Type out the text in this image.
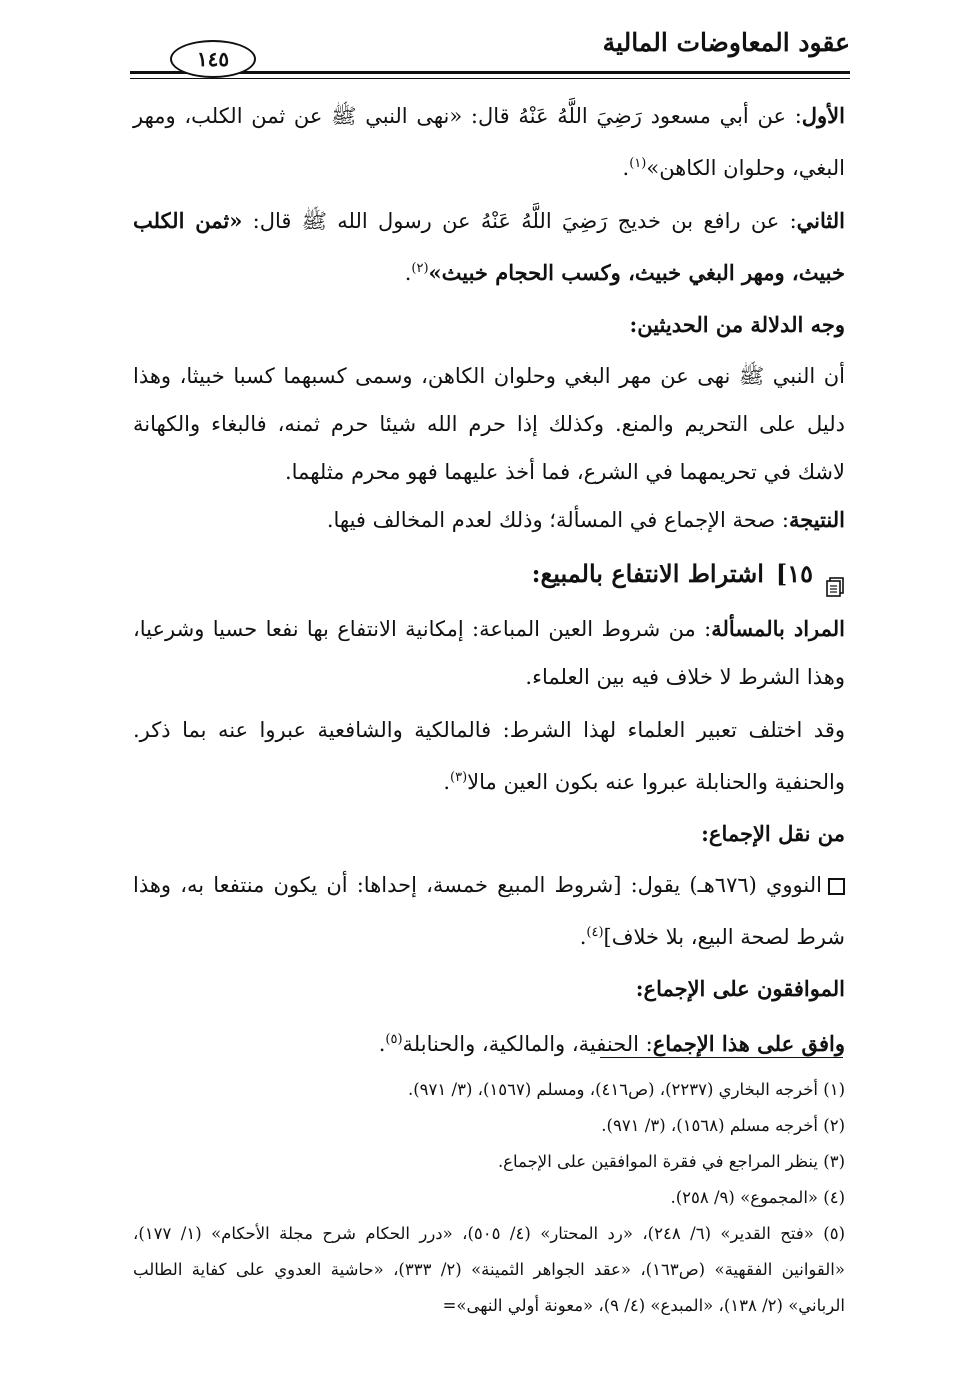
عقود المعاوضات المالية
١٤٥

الأول: عن أبي مسعود رَضِيَ اللَّهُ عَنْهُ قال: «نهى النبي ﷺ عن ثمن الكلب، ومهر البغي، وحلوان الكاهن»$^{(١)}$.

الثاني: عن رافع بن خديج رَضِيَ اللَّهُ عَنْهُ عن رسول الله ﷺ قال: «ثمن الكلب خبيث، ومهر البغي خبيث، وكسب الحجام خبيث»$^{(٢)}$.

وجه الدلالة من الحديثين:

أن النبي ﷺ نهى عن مهر البغي وحلوان الكاهن، وسمى كسبهما كسبا خبيثا، وهذا دليل على التحريم والمنع. وكذلك إذا حرم الله شيئا حرم ثمنه، فالبغاء والكهانة لاشك في تحريمهما في الشرع، فما أخذ عليهما فهو محرم مثلهما.

النتيجة: صحة الإجماع في المسألة؛ وذلك لعدم المخالف فيها.

١٥]
اشتراط الانتفاع بالمبيع:

المراد بالمسألة: من شروط العين المباعة: إمكانية الانتفاع بها نفعا حسيا وشرعيا، وهذا الشرط لا خلاف فيه بين العلماء.

وقد اختلف تعبير العلماء لهذا الشرط: فالمالكية والشافعية عبروا عنه بما ذكر. والحنفية والحنابلة عبروا عنه بكون العين مالا$^{(٣)}$.

من نقل الإجماع:

النووي (٦٧٦هـ) يقول: [شروط المبيع خمسة، إحداها: أن يكون منتفعا به، وهذا شرط لصحة البيع، بلا خلاف]$^{(٤)}$.

الموافقون على الإجماع:

وافق على هذا الإجماع: الحنفية، والمالكية، والحنابلة$^{(٥)}$.

(١) أخرجه البخاري (٢٢٣٧)، (ص٤١٦)، ومسلم (١٥٦٧)، (٣/ ٩٧١).

(٢) أخرجه مسلم (١٥٦٨)، (٣/ ٩٧١).

(٣) ينظر المراجع في فقرة الموافقين على الإجماع.

(٤) «المجموع» (٩/ ٢٥٨).

(٥) «فتح القدير» (٦/ ٢٤٨)، «رد المحتار» (٤/ ٥٠٥)، «درر الحكام شرح مجلة الأحكام» (١/ ١٧٧)، «القوانين الفقهية» (ص١٦٣)، «عقد الجواهر الثمينة» (٢/ ٣٣٣)، «حاشية العدوي على كفاية الطالب الرباني» (٢/ ١٣٨)، «المبدع» (٤/ ٩)، «معونة أولي النهى»=
